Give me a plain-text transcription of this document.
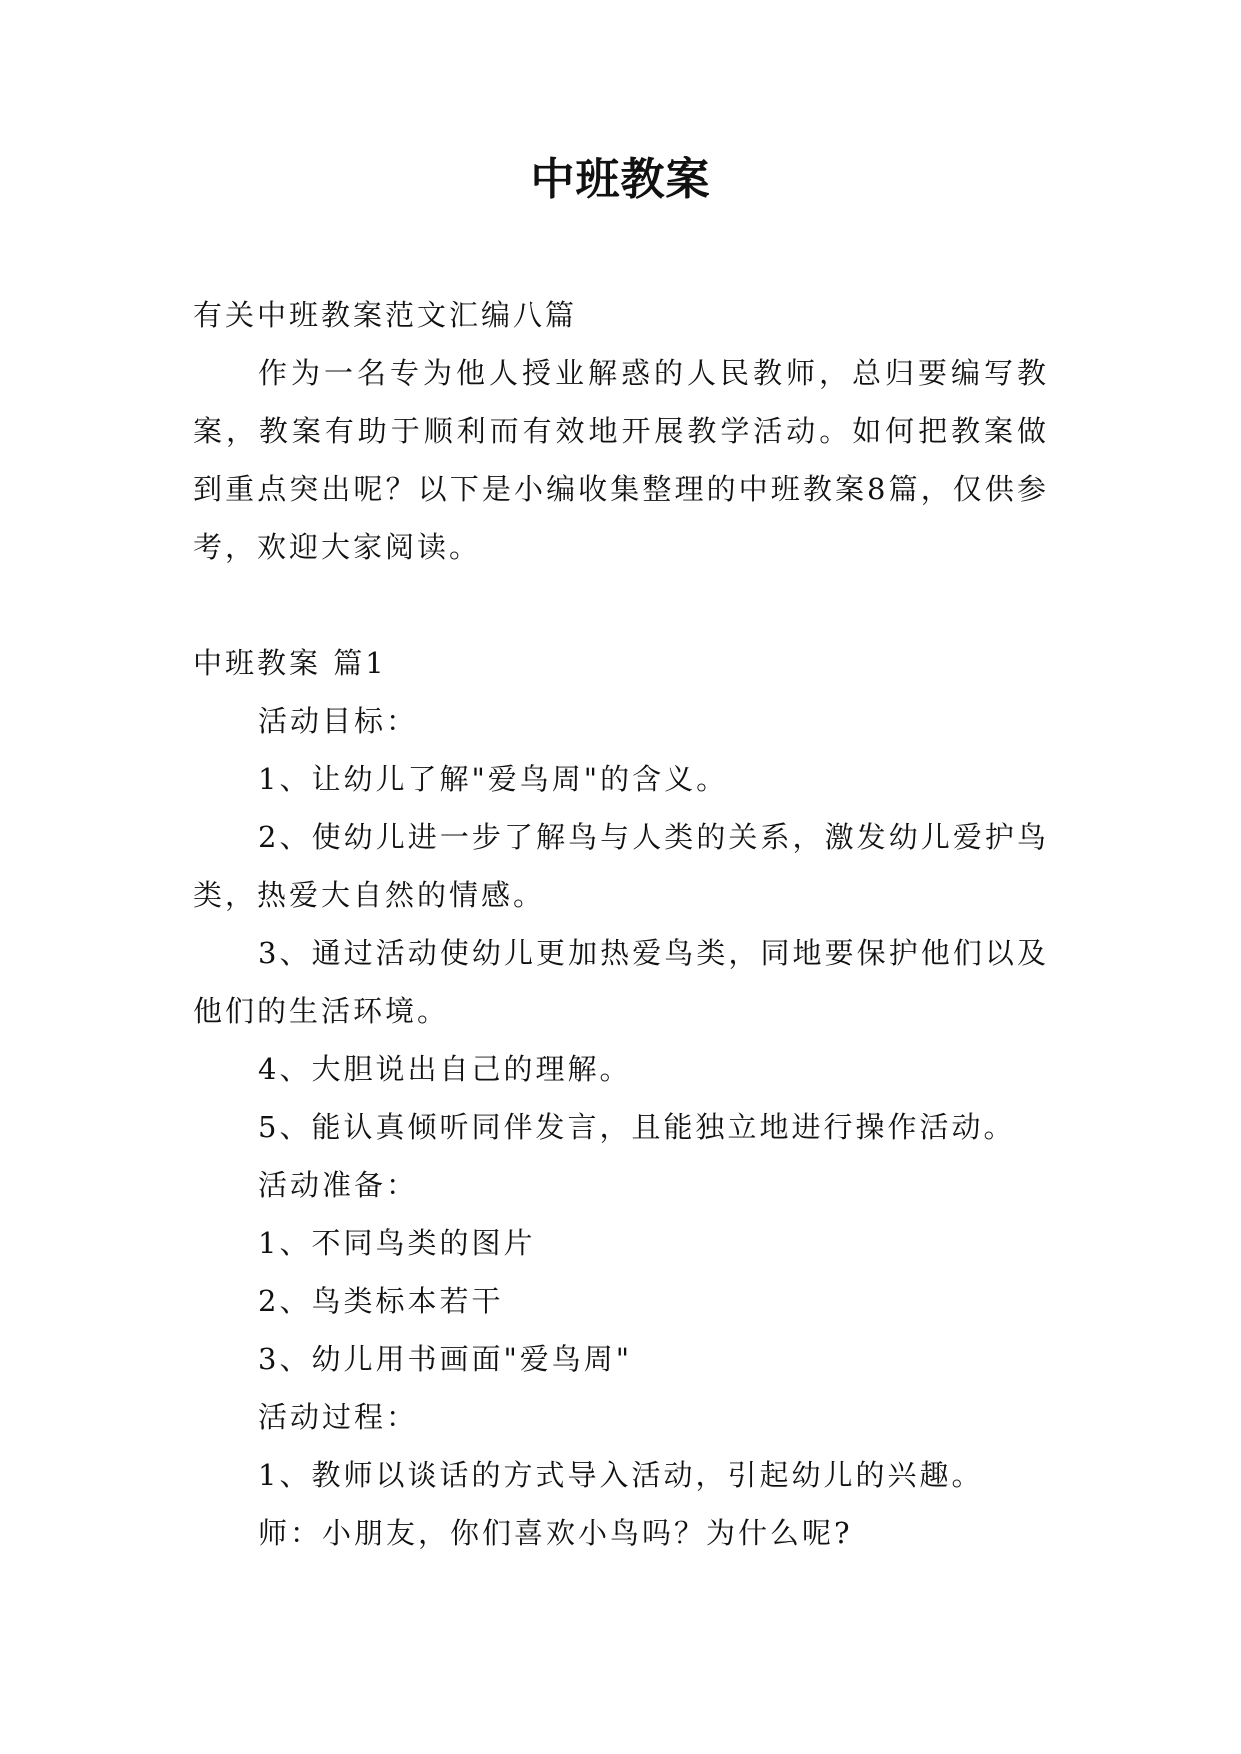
中班教案

有关中班教案范文汇编八篇

作为一名专为他人授业解惑的人民教师，总归要编写教案，教案有助于顺利而有效地开展教学活动。如何把教案做到重点突出呢？以下是小编收集整理的中班教案8篇，仅供参考，欢迎大家阅读。

中班教案 篇1

活动目标：

1、让幼儿了解"爱鸟周"的含义。

2、使幼儿进一步了解鸟与人类的关系，激发幼儿爱护鸟类，热爱大自然的情感。

3、通过活动使幼儿更加热爱鸟类，同地要保护他们以及他们的生活环境。

4、大胆说出自己的理解。

5、能认真倾听同伴发言，且能独立地进行操作活动。

活动准备：

1、不同鸟类的图片

2、鸟类标本若干

3、幼儿用书画面"爱鸟周"

活动过程：

1、教师以谈话的方式导入活动，引起幼儿的兴趣。

师：小朋友，你们喜欢小鸟吗？为什么呢?
